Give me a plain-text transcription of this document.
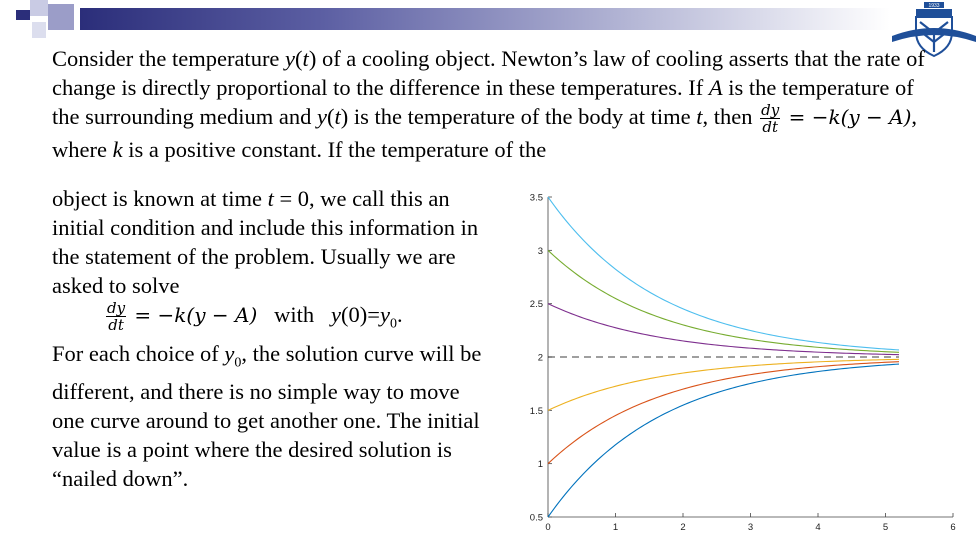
1933
Consider the temperature y(t) of a cooling object. Newton’s law of cooling asserts that the rate of change is directly proportional to the difference in these temperatures. If A is the temperature of the surrounding medium and y(t) is the temperature of the body at time t, then $\frac{dy}{dt} = -k(y - A)$, where k is a positive constant. If the temperature of the
object is known at time t = 0, we call this an initial condition and include this information in the statement of the problem. Usually we are asked to solve
$\frac{dy}{dt} = -k(y - A)$ with $y(0)=y_0$.
For each choice of $y_0$, the solution curve will be different, and there is no simple way to move one curve around to get another one. The initial value is a point where the desired solution is “nailed down”.
0	1	2	3	4	5	6
0.5
1
1.5
2
2.5
3
3.5
